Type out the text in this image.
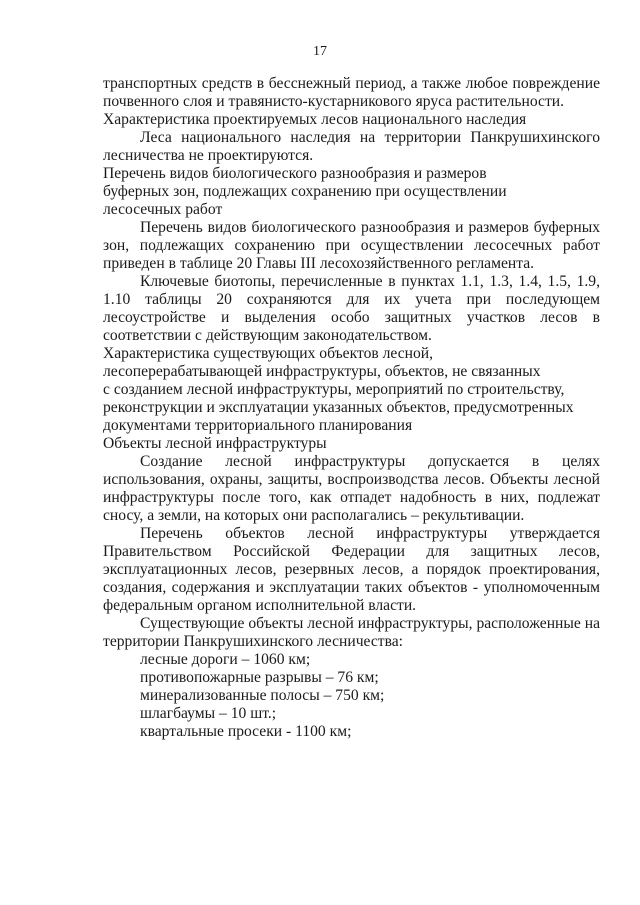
17

транспортных средств в бесснежный период, а также любое повреждение почвенного слоя и травянисто-кустарникового яруса растительности.

Характеристика проектируемых лесов национального наследия

Леса национального наследия на территории Панкрушихинского лесничества не проектируются.

Перечень видов биологического разнообразия и размеров
буферных зон, подлежащих сохранению при осуществлении
лесосечных работ

Перечень видов биологического разнообразия и размеров буферных зон, подлежащих сохранению при осуществлении лесосечных работ приведен в таблице 20 Главы III лесохозяйственного регламента.

Ключевые биотопы, перечисленные в пунктах 1.1, 1.3, 1.4, 1.5, 1.9, 1.10 таблицы 20 сохраняются для их учета при последующем лесоустройстве и выделения особо защитных участков лесов в соответствии с действующим законодательством.

Характеристика существующих объектов лесной,
лесоперерабатывающей инфраструктуры, объектов, не связанных
с созданием лесной инфраструктуры, мероприятий по строительству,
реконструкции и эксплуатации указанных объектов, предусмотренных
документами территориального планирования

Объекты лесной инфраструктуры

Создание лесной инфраструктуры допускается в целях использования, охраны, защиты, воспроизводства лесов. Объекты лесной инфраструктуры после того, как отпадет надобность в них, подлежат сносу, а земли, на которых они располагались – рекультивации.

Перечень объектов лесной инфраструктуры утверждается Правительством Российской Федерации для защитных лесов, эксплуатационных лесов, резервных лесов, а порядок проектирования, создания, содержания и эксплуатации таких объектов - уполномоченным федеральным органом исполнительной власти.

Существующие объекты лесной инфраструктуры, расположенные на территории Панкрушихинского лесничества:

лесные дороги – 1060 км;

противопожарные разрывы – 76 км;

минерализованные полосы – 750 км;

шлагбаумы – 10 шт.;

квартальные просеки - 1100 км;
